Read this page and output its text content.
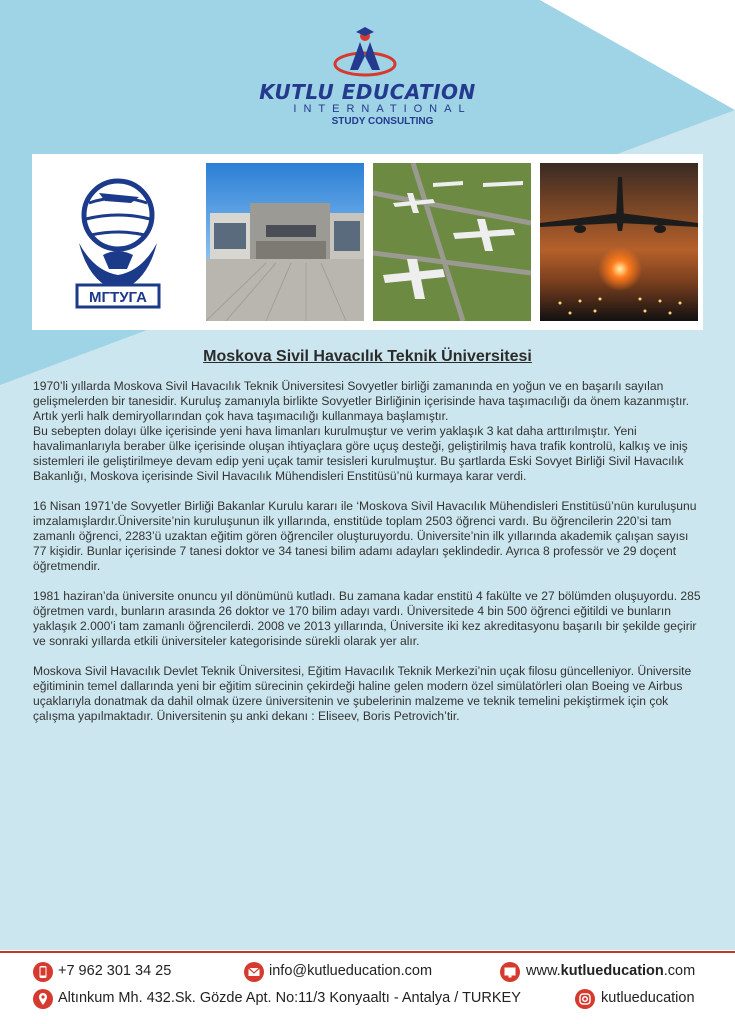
KUTLU EDUCATION
INTERNATIONAL
STUDY CONSULTING
МГТУГА
Moskova Sivil Havacılık Teknik Üniversitesi

1970’li yıllarda Moskova Sivil Havacılık Teknik Üniversitesi Sovyetler birliği zamanında en yoğun ve en başarılı sayılan gelişmelerden bir tanesidir. Kuruluş zamanıyla birlikte Sovyetler Birliğinin içerisinde hava taşımacılığı da önem kazanmıştır. Artık yerli halk demiryollarından çok hava taşımacılığı kullanmaya başlamıştır.
Bu sebepten dolayı ülke içerisinde yeni hava limanları kurulmuştur ve verim yaklaşık 3 kat daha arttırılmıştır. Yeni havalimanlarıyla beraber ülke içerisinde oluşan ihtiyaçlara göre uçuş desteği, geliştirilmiş hava trafik kontrolü, kalkış ve iniş sistemleri ile geliştirilmeye devam edip yeni uçak tamir tesisleri kurulmuştur. Bu şartlarda Eski Sovyet Birliği Sivil Havacılık Bakanlığı, Moskova içerisinde Sivil Havacılık Mühendisleri Enstitüsü’nü kurmaya karar verdi.

16 Nisan 1971’de Sovyetler Birliği Bakanlar Kurulu kararı ile ‘Moskova Sivil Havacılık Mühendisleri Enstitüsü’nün kuruluşunu imzalamışlardır.Üniversite’nin kuruluşunun ilk yıllarında, enstitüde toplam 2503 öğrenci vardı. Bu öğrencilerin 220’si tam zamanlı öğrenci, 2283’ü uzaktan eğitim gören öğrenciler oluşturuyordu. Üniversite’nin ilk yıllarında akademik çalışan sayısı 77 kişidir. Bunlar içerisinde 7 tanesi doktor ve 34 tanesi bilim adamı adayları şeklindedir. Ayrıca 8 professör ve 29 doçent öğretmendir.

1981 haziran’da üniversite onuncu yıl dönümünü kutladı. Bu zamana kadar enstitü 4 fakülte ve 27 bölümden oluşuyordu. 285 öğretmen vardı, bunların arasında 26 doktor ve 170 bilim adayı vardı. Üniversitede 4 bin 500 öğrenci eğitildi ve bunların yaklaşık 2.000’i tam zamanlı öğrencilerdi. 2008 ve 2013 yıllarında, Üniversite iki kez akreditasyonu başarılı bir şekilde geçirir ve sonraki yıllarda etkili üniversiteler kategorisinde sürekli olarak yer alır.

Moskova Sivil Havacılık Devlet Teknik Üniversitesi, Eğitim Havacılık Teknik Merkezi’nin uçak filosu güncelleniyor. Üniversite eğitiminin temel dallarında yeni bir eğitim sürecinin çekirdeği haline gelen modern özel simülatörleri olan Boeing ve Airbus uçaklarıyla donatmak da dahil olmak üzere üniversitenin ve şubelerinin malzeme ve teknik temelini pekiştirmek için çok çalışma yapılmaktadır. Üniversitenin şu anki dekanı : Eliseev, Boris Petrovich’tir.

+7 962 301 34 25	info@kutlueducation.com	www.kutlueducation.com
Altınkum Mh. 432.Sk. Gözde Apt. No:11/3 Konyaaltı - Antalya / TURKEY	kutlueducation
